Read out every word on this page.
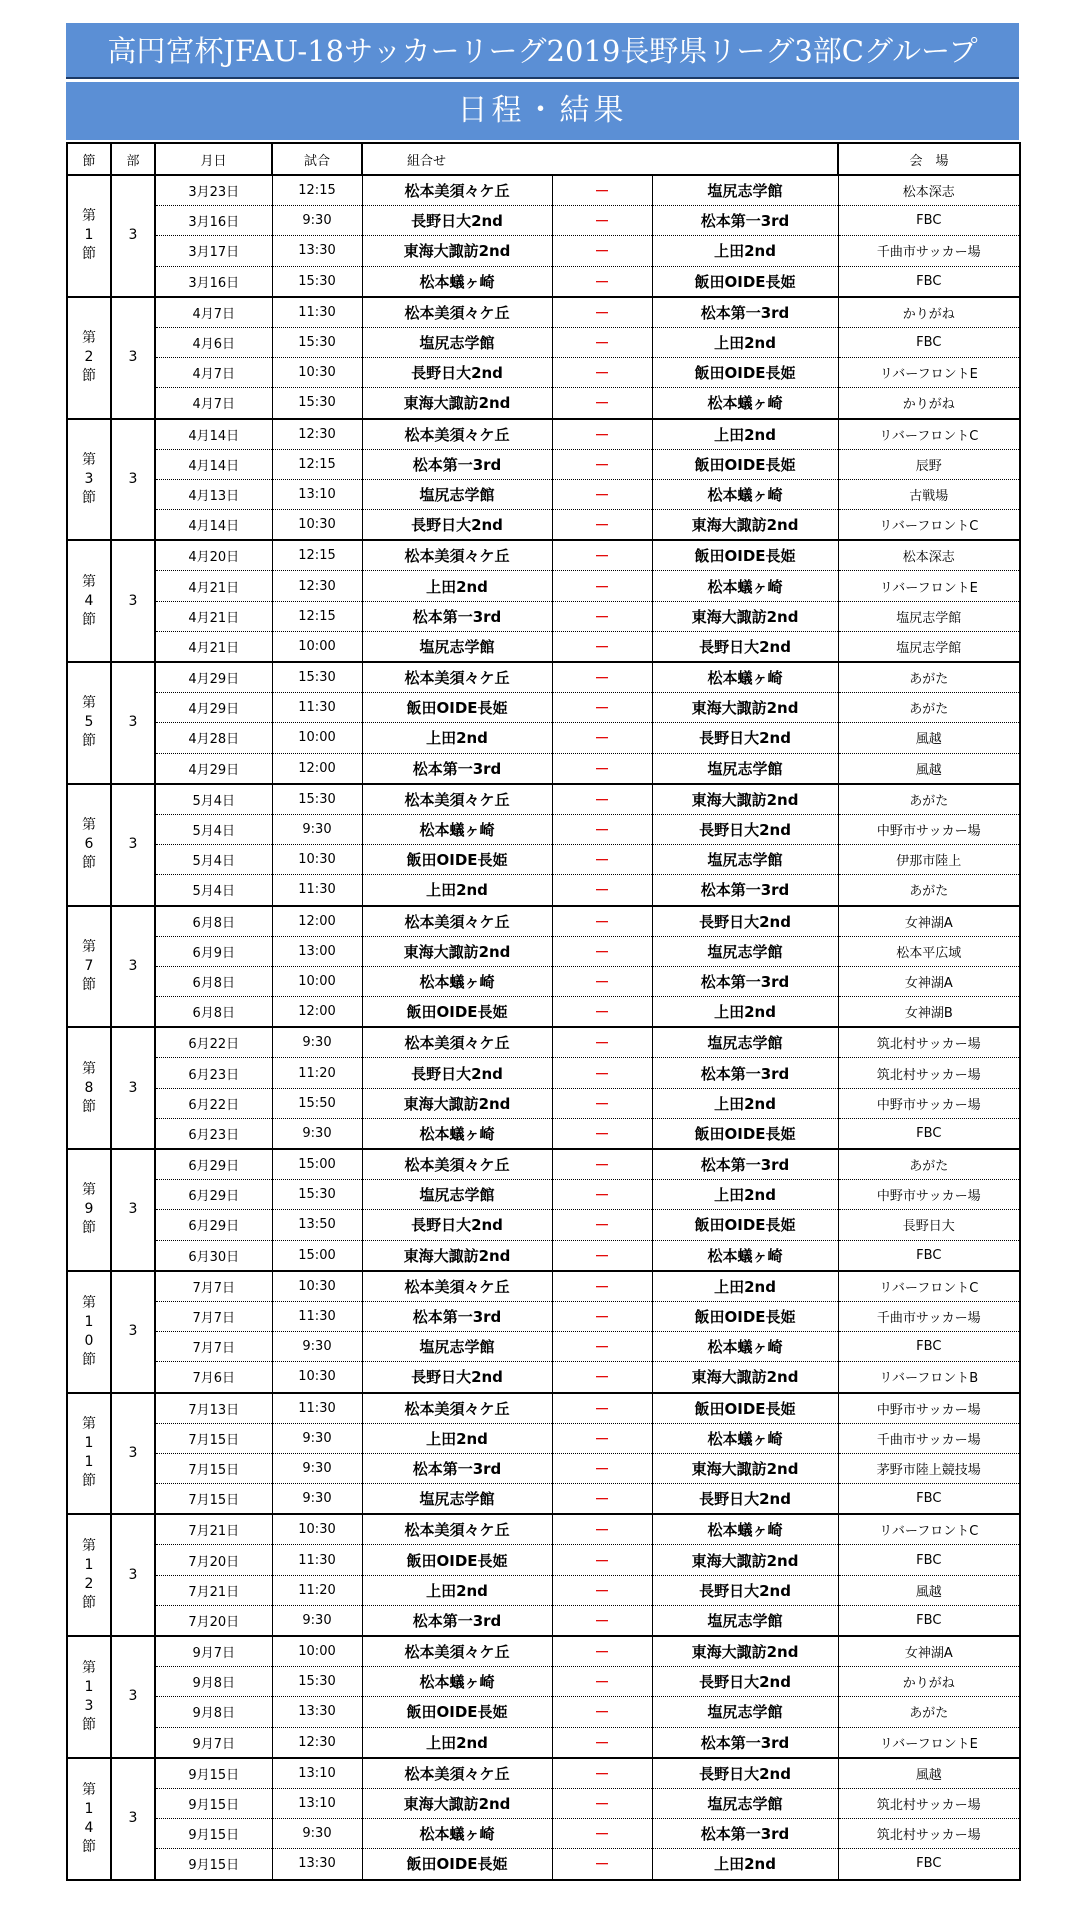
高円宮杯JFAU-18サッカーリーグ2019長野県リーグ3部Cグループ
日程・結果
節	部	月日	試合	組合せ			会　場
第
1
節	3	3月23日	12:15	松本美須々ケ丘	－	塩尻志学館	松本深志
		3月16日	9:30	長野日大2nd	－	松本第一3rd	FBC
		3月17日	13:30	東海大諏訪2nd	－	上田2nd	千曲市サッカー場
		3月16日	15:30	松本蟻ヶ崎	－	飯田OIDE長姫	FBC
第
2
節	3	4月7日	11:30	松本美須々ケ丘	－	松本第一3rd	かりがね
		4月6日	15:30	塩尻志学館	－	上田2nd	FBC
		4月7日	10:30	長野日大2nd	－	飯田OIDE長姫	リバーフロントE
		4月7日	15:30	東海大諏訪2nd	－	松本蟻ヶ崎	かりがね
第
3
節	3	4月14日	12:30	松本美須々ケ丘	－	上田2nd	リバーフロントC
		4月14日	12:15	松本第一3rd	－	飯田OIDE長姫	辰野
		4月13日	13:10	塩尻志学館	－	松本蟻ヶ崎	古戦場
		4月14日	10:30	長野日大2nd	－	東海大諏訪2nd	リバーフロントC
第
4
節	3	4月20日	12:15	松本美須々ケ丘	－	飯田OIDE長姫	松本深志
		4月21日	12:30	上田2nd	－	松本蟻ヶ崎	リバーフロントE
		4月21日	12:15	松本第一3rd	－	東海大諏訪2nd	塩尻志学館
		4月21日	10:00	塩尻志学館	－	長野日大2nd	塩尻志学館
第
5
節	3	4月29日	15:30	松本美須々ケ丘	－	松本蟻ヶ崎	あがた
		4月29日	11:30	飯田OIDE長姫	－	東海大諏訪2nd	あがた
		4月28日	10:00	上田2nd	－	長野日大2nd	風越
		4月29日	12:00	松本第一3rd	－	塩尻志学館	風越
第
6
節	3	5月4日	15:30	松本美須々ケ丘	－	東海大諏訪2nd	あがた
		5月4日	9:30	松本蟻ヶ崎	－	長野日大2nd	中野市サッカー場
		5月4日	10:30	飯田OIDE長姫	－	塩尻志学館	伊那市陸上
		5月4日	11:30	上田2nd	－	松本第一3rd	あがた
第
7
節	3	6月8日	12:00	松本美須々ケ丘	－	長野日大2nd	女神湖A
		6月9日	13:00	東海大諏訪2nd	－	塩尻志学館	松本平広域
		6月8日	10:00	松本蟻ヶ崎	－	松本第一3rd	女神湖A
		6月8日	12:00	飯田OIDE長姫	－	上田2nd	女神湖B
第
8
節	3	6月22日	9:30	松本美須々ケ丘	－	塩尻志学館	筑北村サッカー場
		6月23日	11:20	長野日大2nd	－	松本第一3rd	筑北村サッカー場
		6月22日	15:50	東海大諏訪2nd	－	上田2nd	中野市サッカー場
		6月23日	9:30	松本蟻ヶ崎	－	飯田OIDE長姫	FBC
第
9
節	3	6月29日	15:00	松本美須々ケ丘	－	松本第一3rd	あがた
		6月29日	15:30	塩尻志学館	－	上田2nd	中野市サッカー場
		6月29日	13:50	長野日大2nd	－	飯田OIDE長姫	長野日大
		6月30日	15:00	東海大諏訪2nd	－	松本蟻ヶ崎	FBC
第
1
0
節	3	7月7日	10:30	松本美須々ケ丘	－	上田2nd	リバーフロントC
		7月7日	11:30	松本第一3rd	－	飯田OIDE長姫	千曲市サッカー場
		7月7日	9:30	塩尻志学館	－	松本蟻ヶ崎	FBC
		7月6日	10:30	長野日大2nd	－	東海大諏訪2nd	リバーフロントB
第
1
1
節	3	7月13日	11:30	松本美須々ケ丘	－	飯田OIDE長姫	中野市サッカー場
		7月15日	9:30	上田2nd	－	松本蟻ヶ崎	千曲市サッカー場
		7月15日	9:30	松本第一3rd	－	東海大諏訪2nd	茅野市陸上競技場
		7月15日	9:30	塩尻志学館	－	長野日大2nd	FBC
第
1
2
節	3	7月21日	10:30	松本美須々ケ丘	－	松本蟻ヶ崎	リバーフロントC
		7月20日	11:30	飯田OIDE長姫	－	東海大諏訪2nd	FBC
		7月21日	11:20	上田2nd	－	長野日大2nd	風越
		7月20日	9:30	松本第一3rd	－	塩尻志学館	FBC
第
1
3
節	3	9月7日	10:00	松本美須々ケ丘	－	東海大諏訪2nd	女神湖A
		9月8日	15:30	松本蟻ヶ崎	－	長野日大2nd	かりがね
		9月8日	13:30	飯田OIDE長姫	－	塩尻志学館	あがた
		9月7日	12:30	上田2nd	－	松本第一3rd	リバーフロントE
第
1
4
節	3	9月15日	13:10	松本美須々ケ丘	－	長野日大2nd	風越
		9月15日	13:10	東海大諏訪2nd	－	塩尻志学館	筑北村サッカー場
		9月15日	9:30	松本蟻ヶ崎	－	松本第一3rd	筑北村サッカー場
		9月15日	13:30	飯田OIDE長姫	－	上田2nd	FBC
